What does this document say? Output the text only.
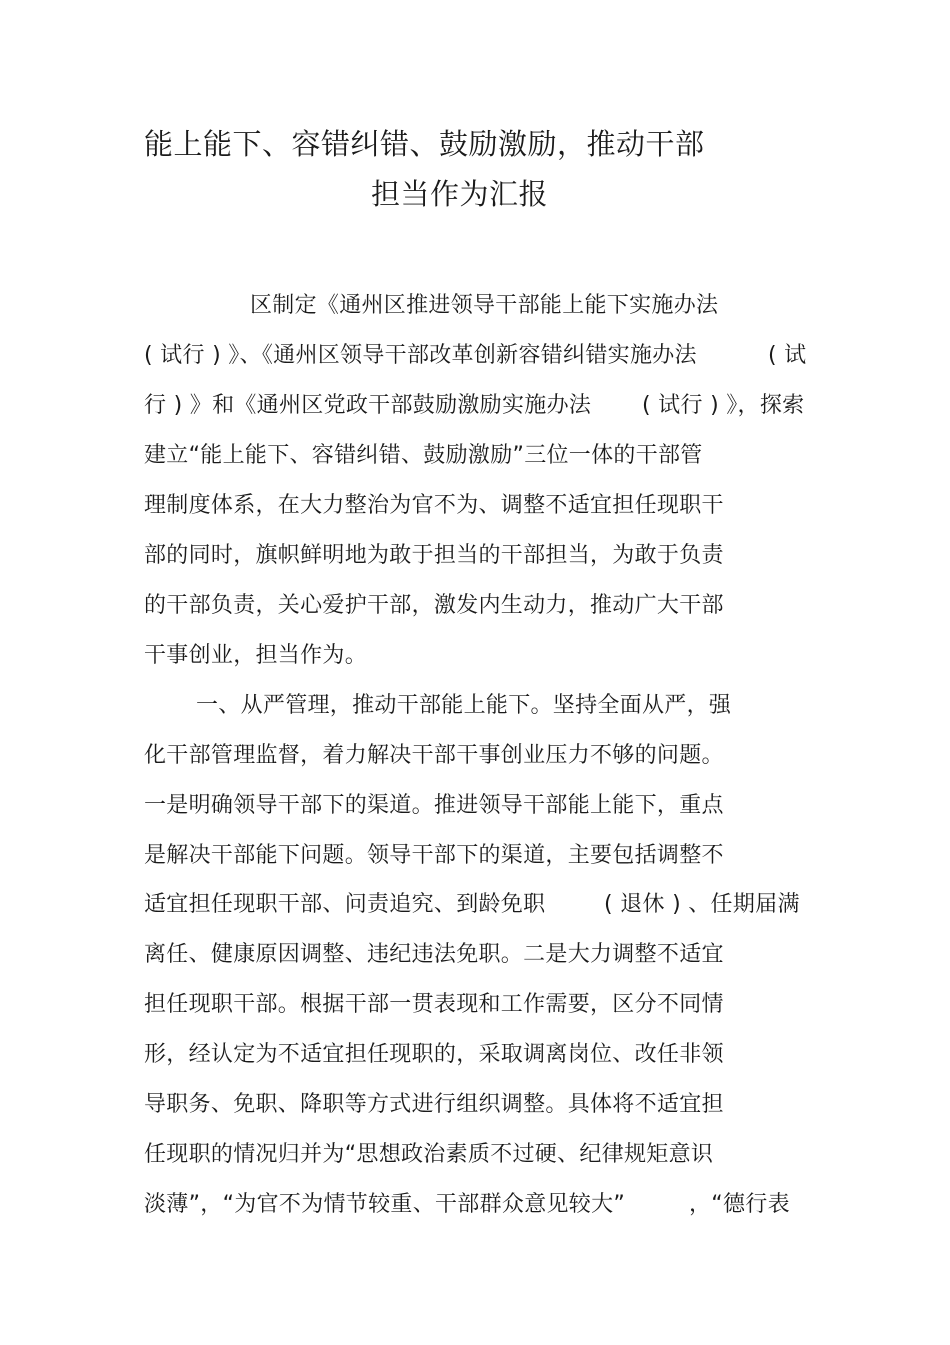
能上能下、容错纠错、鼓励激励，推动干部
担当作为汇报
区制定《通州区推进领导干部能上能下实施办法
( 试行 ) 》、《通州区领导干部改革创新容错纠错实施办法	( 试
行 ) 》和《通州区党政干部鼓励激励实施办法 ( 试行 ) 》，探索
建立“能上能下、容错纠错、鼓励激励”三位一体的干部管
理制度体系，在大力整治为官不为、调整不适宜担任现职干
部的同时，旗帜鲜明地为敢于担当的干部担当，为敢于负责
的干部负责，关心爱护干部，激发内生动力，推动广大干部
干事创业，担当作为。
一、从严管理，推动干部能上能下。坚持全面从严，强
化干部管理监督，着力解决干部干事创业压力不够的问题。
一是明确领导干部下的渠道。推进领导干部能上能下，重点
是解决干部能下问题。领导干部下的渠道，主要包括调整不
适宜担任现职干部、问责追究、到龄免职	( 退休 ) 、任期届满
离任、健康原因调整、违纪违法免职。二是大力调整不适宜
担任现职干部。根据干部一贯表现和工作需要，区分不同情
形，经认定为不适宜担任现职的，采取调离岗位、改任非领
导职务、免职、降职等方式进行组织调整。具体将不适宜担
任现职的情况归并为“思想政治素质不过硬、纪律规矩意识
淡薄”，“为官不为情节较重、干部群众意见较大”	，“德行表
